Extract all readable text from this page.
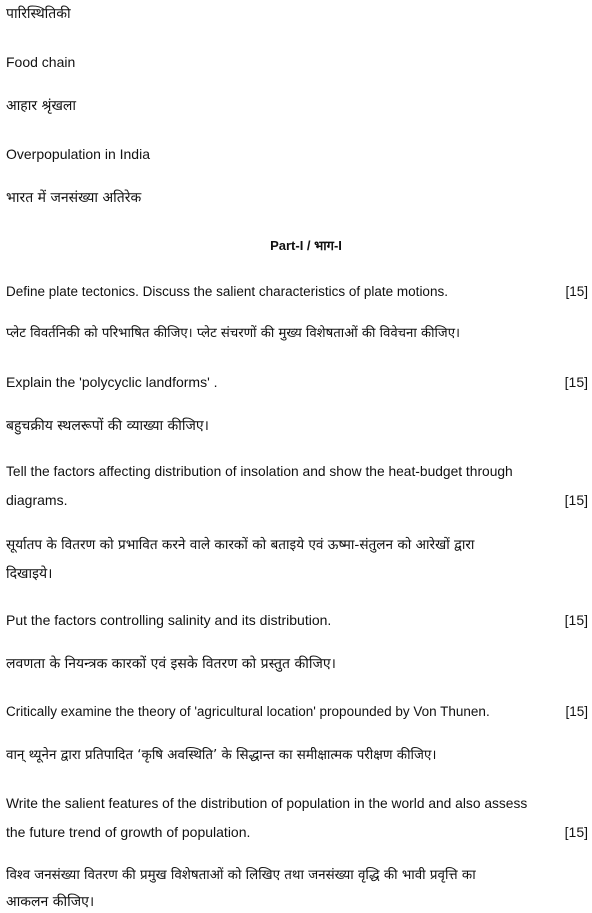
पारिस्थितिकी
Food chain
आहार श्रृंखला
Overpopulation in India
भारत में जनसंख्या अतिरेक
Part-I / भाग-I
Define plate tectonics. Discuss the salient characteristics of plate motions.	[15]
प्लेट विवर्तनिकी को परिभाषित कीजिए। प्लेट संचरणों की मुख्य विशेषताओं की विवेचना कीजिए।
Explain the 'polycyclic landforms' .	[15]
बहुचक्रीय स्थलरूपों की व्याख्या कीजिए।
Tell the factors affecting distribution of insolation and show the heat-budget through
diagrams.	[15]
सूर्यातप के वितरण को प्रभावित करने वाले कारकों को बताइये एवं ऊष्मा-संतुलन को आरेखों द्वारा
दिखाइये।
Put the factors controlling salinity and its distribution.	[15]
लवणता के नियन्त्रक कारकों एवं इसके वितरण को प्रस्तुत कीजिए।
Critically examine the theory of 'agricultural location' propounded by Von Thunen.	[15]
वान् थ्यूनेन द्वारा प्रतिपादित ‘कृषि अवस्थिति’ के सिद्धान्त का समीक्षात्मक परीक्षण कीजिए।
Write the salient features of the distribution of population in the world and also assess
the future trend of growth of population.	[15]
विश्व जनसंख्या वितरण की प्रमुख विशेषताओं को लिखिए तथा जनसंख्या वृद्धि की भावी प्रवृत्ति का
आकलन कीजिए।
